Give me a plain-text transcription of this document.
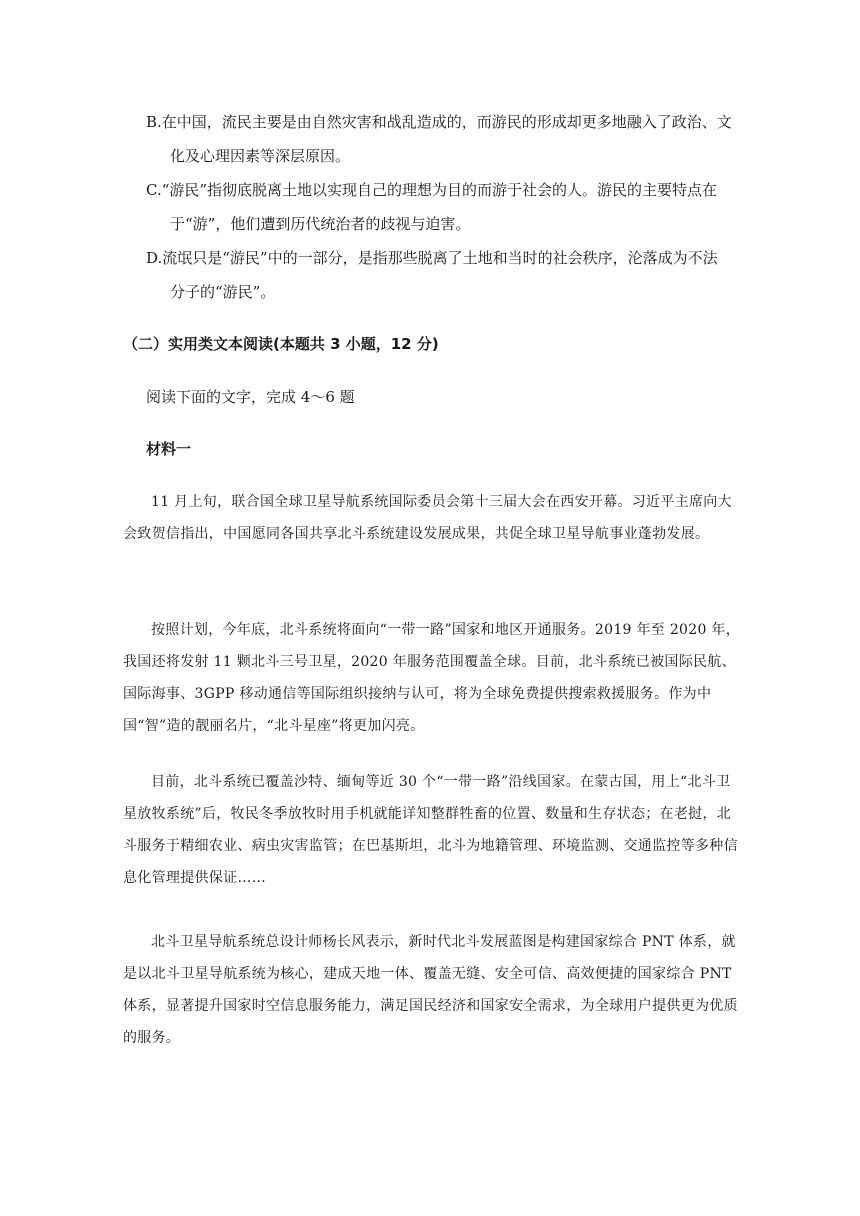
B.在中国，流民主要是由自然灾害和战乱造成的，而游民的形成却更多地融入了政治、文
化及心理因素等深层原因。
C.“游民”指彻底脱离土地以实现自己的理想为目的而游于社会的人。游民的主要特点在
于“游”，他们遭到历代统治者的歧视与迫害。
D.流氓只是“游民”中的一部分，是指那些脱离了土地和当时的社会秩序，沦落成为不法
分子的“游民”。
（二）实用类文本阅读(本题共 3 小题，12 分)
阅读下面的文字，完成 4～6 题
材料一

11 月上旬，联合国全球卫星导航系统国际委员会第十三届大会在西安开幕。习近平主席向大会致贺信指出，中国愿同各国共享北斗系统建设发展成果，共促全球卫星导航事业蓬勃发展。

按照计划，今年底，北斗系统将面向“一带一路”国家和地区开通服务。2019 年至 2020 年，我国还将发射 11 颗北斗三号卫星，2020 年服务范围覆盖全球。目前，北斗系统已被国际民航、国际海事、3GPP 移动通信等国际组织接纳与认可，将为全球免费提供搜索救援服务。作为中国“智”造的靓丽名片，“北斗星座”将更加闪亮。

目前，北斗系统已覆盖沙特、缅甸等近 30 个“一带一路”沿线国家。在蒙古国，用上“北斗卫星放牧系统”后，牧民冬季放牧时用手机就能详知整群牲畜的位置、数量和生存状态；在老挝，北斗服务于精细农业、病虫灾害监管；在巴基斯坦，北斗为地籍管理、环境监测、交通监控等多种信息化管理提供保证……

北斗卫星导航系统总设计师杨长风表示，新时代北斗发展蓝图是构建国家综合 PNT 体系，就是以北斗卫星导航系统为核心，建成天地一体、覆盖无缝、安全可信、高效便捷的国家综合 PNT 体系，显著提升国家时空信息服务能力，满足国民经济和国家安全需求，为全球用户提供更为优质的服务。
